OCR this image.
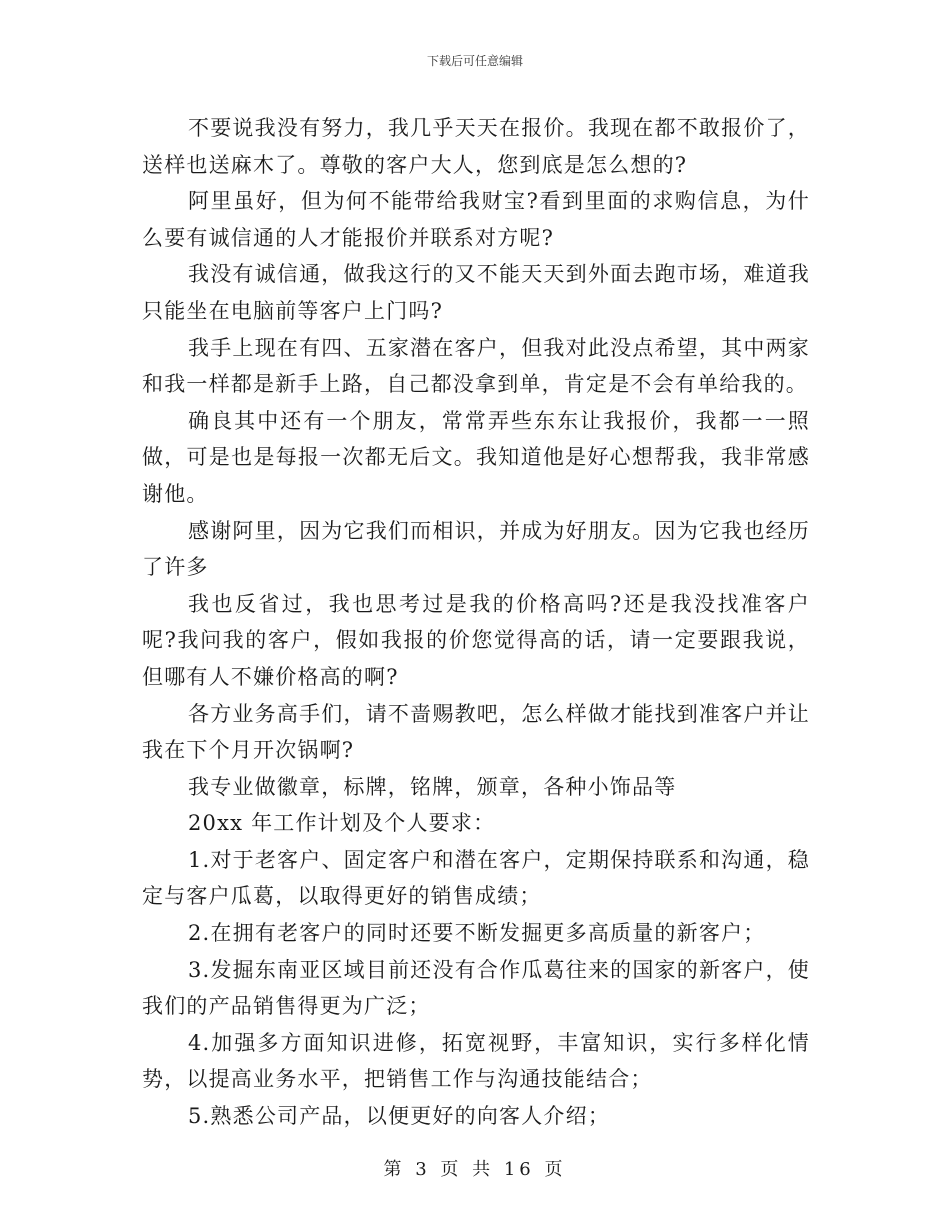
下载后可任意编辑

不要说我没有努力，我几乎天天在报价。我现在都不敢报价了，送样也送麻木了。尊敬的客户大人，您到底是怎么想的?

阿里虽好，但为何不能带给我财宝?看到里面的求购信息，为什么要有诚信通的人才能报价并联系对方呢?

我没有诚信通，做我这行的又不能天天到外面去跑市场，难道我只能坐在电脑前等客户上门吗?

我手上现在有四、五家潜在客户，但我对此没点希望，其中两家和我一样都是新手上路，自己都没拿到单，肯定是不会有单给我的。

确良其中还有一个朋友，常常弄些东东让我报价，我都一一照做，可是也是每报一次都无后文。我知道他是好心想帮我，我非常感谢他。

感谢阿里，因为它我们而相识，并成为好朋友。因为它我也经历了许多

我也反省过，我也思考过是我的价格高吗?还是我没找准客户呢?我问我的客户，假如我报的价您觉得高的话，请一定要跟我说，但哪有人不嫌价格高的啊?

各方业务高手们，请不啬赐教吧，怎么样做才能找到准客户并让我在下个月开次锅啊?

我专业做徽章，标牌，铭牌，颁章，各种小饰品等

20xx 年工作计划及个人要求：

1.对于老客户、固定客户和潜在客户，定期保持联系和沟通，稳定与客户瓜葛，以取得更好的销售成绩；

2.在拥有老客户的同时还要不断发掘更多高质量的新客户；

3.发掘东南亚区域目前还没有合作瓜葛往来的国家的新客户，使我们的产品销售得更为广泛；

4.加强多方面知识进修，拓宽视野，丰富知识，实行多样化情势，以提高业务水平，把销售工作与沟通技能结合；

5.熟悉公司产品，以便更好的向客人介绍；

第 3 页 共 16 页
